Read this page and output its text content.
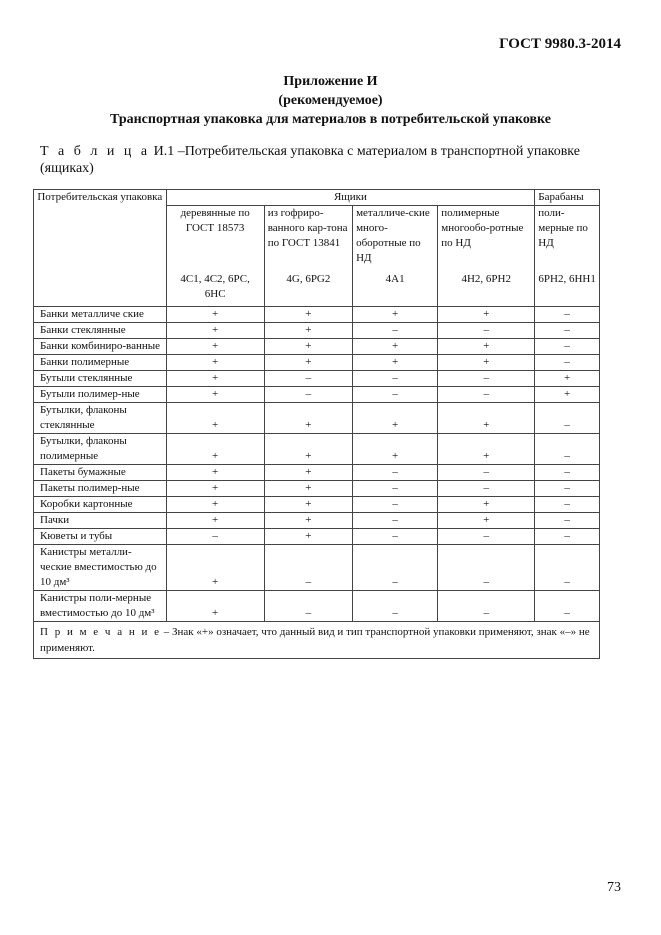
ГОСТ 9980.3-2014
Приложение И
(рекомендуемое)
Транспортная упаковка для материалов в потребительской упаковке
Т а б л и ц а И.1 –Потребительская упаковка с материалом в транспортной упаковке (ящиках)
Потребительская упаковка	Ящики				Барабаны
	деревянные по ГОСТ 18573	из гофриро-ванного кар-тона по ГОСТ 13841	металличе-ские много-оборотные по НД	полимерные многообо-ротные по НД	поли-мерные по НД
	4С1, 4С2, 6РС, 6НС	4G, 6PG2	4A1	4H2, 6PH2	6PH2, 6HH1
Банки металличе ские	+	+	+	+	–
Банки стеклянные	+	+	–	–	–
Банки комбиниро-ванные	+	+	+	+	–
Банки полимерные	+	+	+	+	–
Бутыли стеклянные	+	–	–	–	+
Бутыли полимер-ные	+	–	–	–	+
Бутылки, флаконы стеклянные	+	+	+	+	–
Бутылки, флаконы полимерные	+	+	+	+	–
Пакеты бумажные	+	+	–	–	–
Пакеты полимер-ные	+	+	–	–	–
Коробки картонные	+	+	–	+	–
Пачки	+	+	–	+	–
Кюветы и тубы	–	+	–	–	–
Канистры металли-ческие вместимостью до 10 дм³	+	–	–	–	–
Канистры поли-мерные вместимостью до 10 дм³	+	–	–	–	–
П р и м е ч а н и е – Знак «+» означает, что данный вид и тип транспортной упаковки применяют, знак «–» не применяют.					
73
